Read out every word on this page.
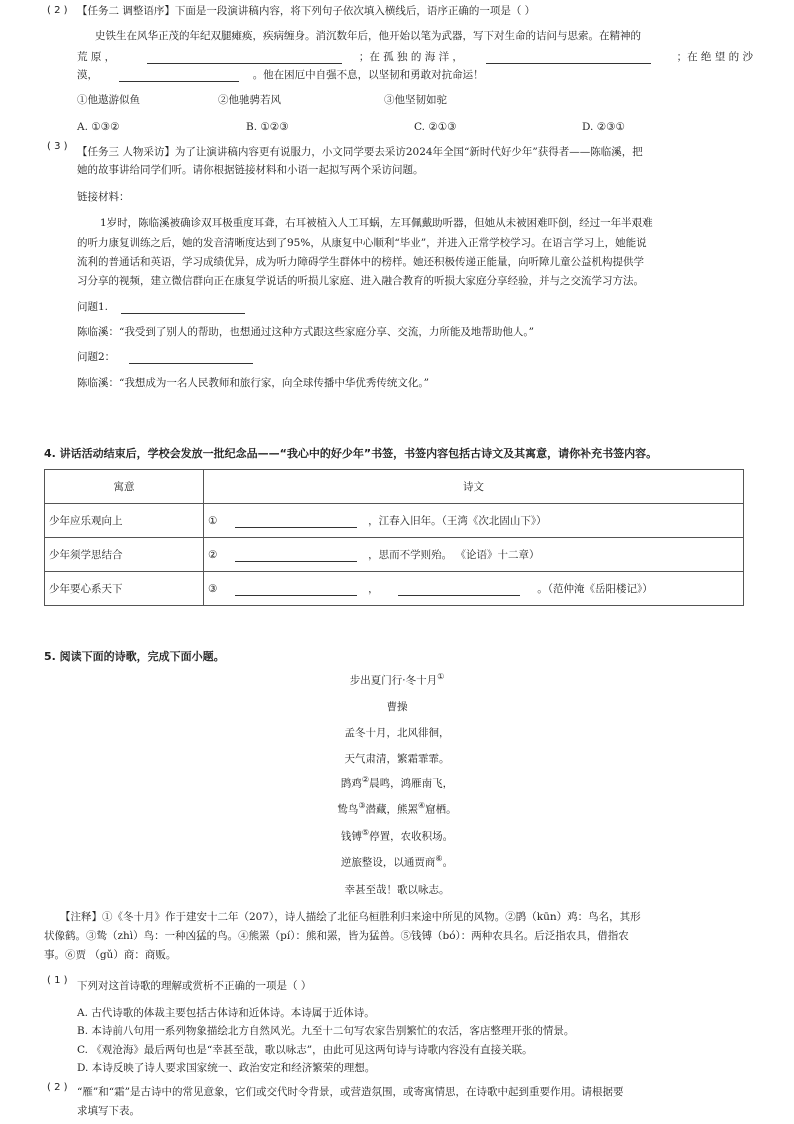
( 2 ) 【任务二 调整语序】下面是一段演讲稿内容，将下列句子依次填入横线后，语序正确的一项是（ ）
史铁生在风华正茂的年纪双腿瘫痪，疾病缠身。消沉数年后，他开始以笔为武器，写下对生命的诘问与思索。在精神的
荒 原 ，	；在 孤 独 的 海 洋 ，	；在 绝 望 的 沙
漠，	。他在困厄中自强不息，以坚韧和勇敢对抗命运！
①他遨游似鱼	②他驰骋若风	③他坚韧如驼
A. ①③②	B. ①②③	C. ②①③	D. ②③①
( 3 ) 【任务三 人物采访】为了让演讲稿内容更有说服力，小文同学要去采访2024年全国“新时代好少年”获得者——陈临溪，把
她的故事讲给同学们听。请你根据链接材料和小语一起拟写两个采访问题。
链接材料：
1岁时，陈临溪被确诊双耳极重度耳聋，右耳被植入人工耳蜗，左耳佩戴助听器，但她从未被困难吓倒，经过一年半艰难
的听力康复训练之后，她的发音清晰度达到了95%，从康复中心顺利“毕业”，并进入正常学校学习。在语言学习上，她能说
流利的普通话和英语，学习成绩优异，成为听力障碍学生群体中的榜样。她还积极传递正能量，向听障儿童公益机构提供学
习分享的视频，建立微信群向正在康复学说话的听损儿家庭、进入融合教育的听损大家庭分享经验，并与之交流学习方法。
问题1.
陈临溪：“我受到了别人的帮助，也想通过这种方式跟这些家庭分享、交流，力所能及地帮助他人。”
问题2：
陈临溪：“我想成为一名人民教师和旅行家，向全球传播中华优秀传统文化。”
4. 讲话活动结束后，学校会发放一批纪念品——“我心中的好少年”书签，书签内容包括古诗文及其寓意，请你补充书签内容。
寓意	诗文
少年应乐观向上	① ，江春入旧年。（王湾《次北固山下》）
少年须学思结合	② ，思而不学则殆。 《论语》十二章）
少年要心系天下	③ ， 。（范仲淹《岳阳楼记》）
5. 阅读下面的诗歌，完成下面小题。
步出夏门行·冬十月①
曹操
孟冬十月，北风徘徊，
天气肃清，繁霜霏霏。
鹍鸡②晨鸣，鸿雁南飞，
鸷鸟③潜藏，熊罴④窟栖。
钱镈⑤停置，农收积场。
逆旅整设，以通贾商⑥。
幸甚至哉！歌以咏志。
【注释】①《冬十月》作于建安十二年（207），诗人描绘了北征乌桓胜利归来途中所见的风物。②鹍（kūn）鸡：鸟名，其形
状像鹤。③鸷（zhì）鸟：一种凶猛的鸟。④熊罴（pí）：熊和罴，皆为猛兽。⑤钱镈（bó）：两种农具名。后泛指农具，借指农
事。⑥贾 （gǔ）商：商贩。
( 1 ) 下列对这首诗歌的理解或赏析不正确的一项是（ ）
A. 古代诗歌的体裁主要包括古体诗和近体诗。本诗属于近体诗。
B. 本诗前八句用一系列物象描绘北方自然风光。九至十二句写农家告别繁忙的农活，客店整理开张的情景。
C. 《观沧海》最后两句也是“幸甚至哉，歌以咏志”，由此可见这两句诗与诗歌内容没有直接关联。
D. 本诗反映了诗人要求国家统一、政治安定和经济繁荣的理想。
( 2 ) “雁”和“霜”是古诗中的常见意象，它们或交代时令背景，或营造氛围，或寄寓情思，在诗歌中起到重要作用。请根据要
求填写下表。
